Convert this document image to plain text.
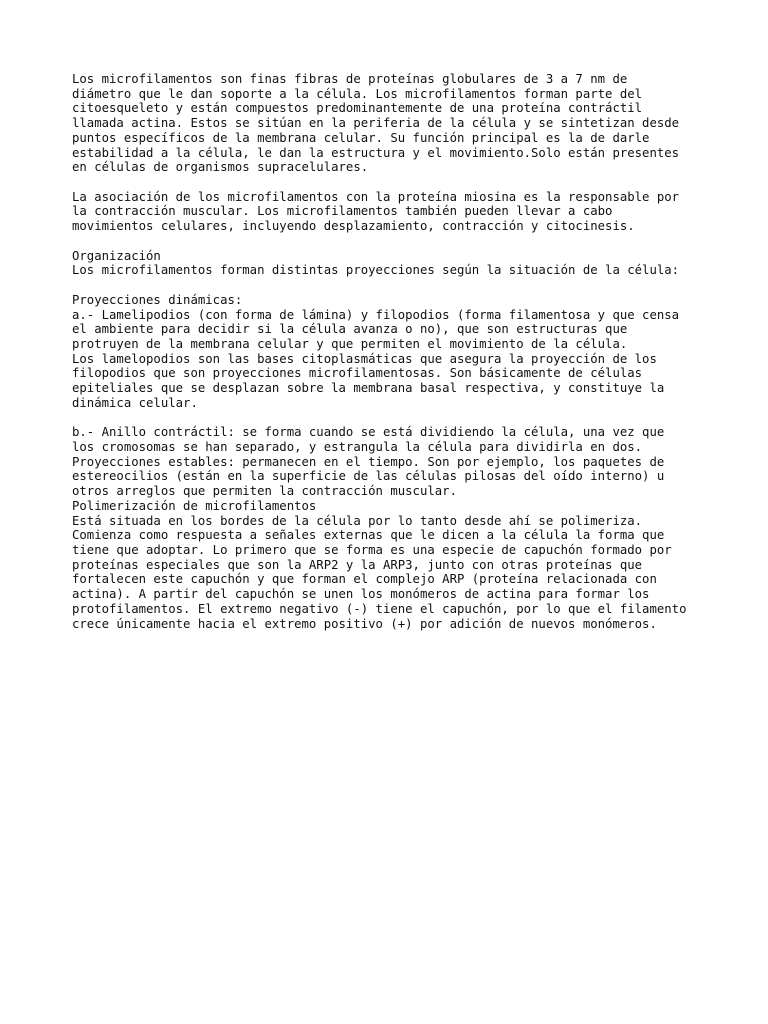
Los microfilamentos son finas fibras de proteínas globulares de 3 a 7 nm de
diámetro que le dan soporte a la célula. Los microfilamentos forman parte del
citoesqueleto y están compuestos predominantemente de una proteína contráctil
llamada actina. Estos se sitúan en la periferia de la célula y se sintetizan desde
puntos específicos de la membrana celular. Su función principal es la de darle
estabilidad a la célula, le dan la estructura y el movimiento.Solo están presentes
en células de organismos supracelulares.
La asociación de los microfilamentos con la proteína miosina es la responsable por
la contracción muscular. Los microfilamentos también pueden llevar a cabo
movimientos celulares, incluyendo desplazamiento, contracción y citocinesis.
Organización
Los microfilamentos forman distintas proyecciones según la situación de la célula:
Proyecciones dinámicas:
a.- Lamelipodios (con forma de lámina) y filopodios (forma filamentosa y que censa
el ambiente para decidir si la célula avanza o no), que son estructuras que
protruyen de la membrana celular y que permiten el movimiento de la célula.
Los lamelopodios son las bases citoplasmáticas que asegura la proyección de los
filopodios que son proyecciones microfilamentosas. Son básicamente de células
epiteliales que se desplazan sobre la membrana basal respectiva, y constituye la
dinámica celular.
b.- Anillo contráctil: se forma cuando se está dividiendo la célula, una vez que
los cromosomas se han separado, y estrangula la célula para dividirla en dos.
Proyecciones estables: permanecen en el tiempo. Son por ejemplo, los paquetes de
estereocilios (están en la superficie de las células pilosas del oído interno) u
otros arreglos que permiten la contracción muscular.
Polimerización de microfilamentos
Está situada en los bordes de la célula por lo tanto desde ahí se polimeriza.
Comienza como respuesta a señales externas que le dicen a la célula la forma que
tiene que adoptar. Lo primero que se forma es una especie de capuchón formado por
proteínas especiales que son la ARP2 y la ARP3, junto con otras proteínas que
fortalecen este capuchón y que forman el complejo ARP (proteína relacionada con
actina). A partir del capuchón se unen los monómeros de actina para formar los
protofilamentos. El extremo negativo (-) tiene el capuchón, por lo que el filamento
crece únicamente hacia el extremo positivo (+) por adición de nuevos monómeros.
